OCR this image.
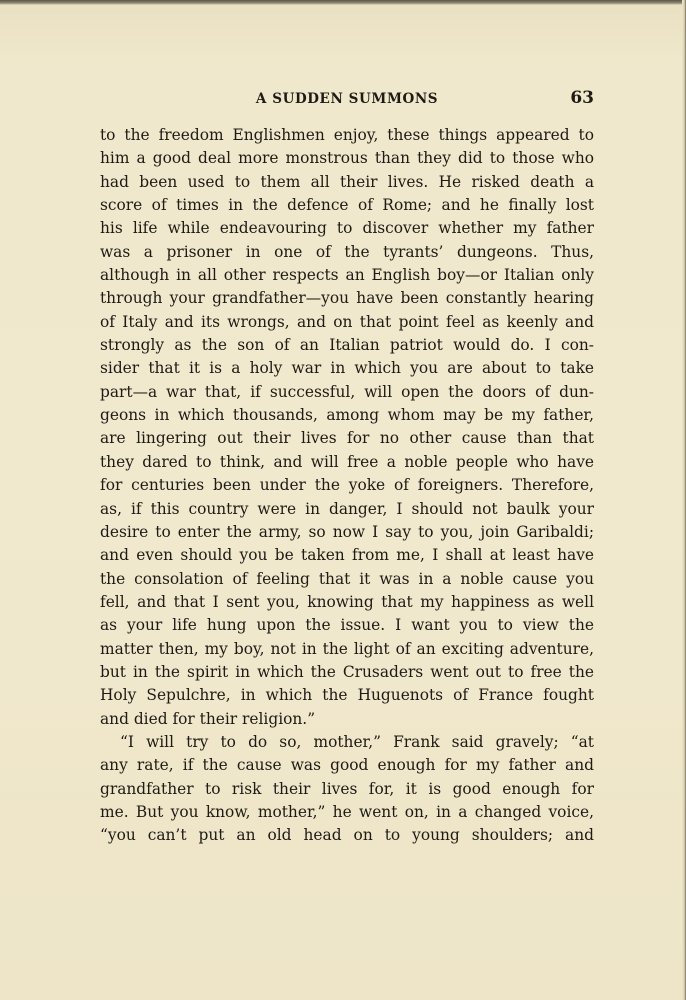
A SUDDEN SUMMONS	63
to the freedom Englishmen enjoy, these things appeared to
him a good deal more monstrous than they did to those who
had been used to them all their lives. He risked death a
score of times in the defence of Rome; and he finally lost
his life while endeavouring to discover whether my father
was a prisoner in one of the tyrants’ dungeons. Thus,
although in all other respects an English boy—or Italian only
through your grandfather—you have been constantly hearing
of Italy and its wrongs, and on that point feel as keenly and
strongly as the son of an Italian patriot would do. I con-
sider that it is a holy war in which you are about to take
part—a war that, if successful, will open the doors of dun-
geons in which thousands, among whom may be my father,
are lingering out their lives for no other cause than that
they dared to think, and will free a noble people who have
for centuries been under the yoke of foreigners. Therefore,
as, if this country were in danger, I should not baulk your
desire to enter the army, so now I say to you, join Garibaldi;
and even should you be taken from me, I shall at least have
the consolation of feeling that it was in a noble cause you
fell, and that I sent you, knowing that my happiness as well
as your life hung upon the issue. I want you to view the
matter then, my boy, not in the light of an exciting adventure,
but in the spirit in which the Crusaders went out to free the
Holy Sepulchre, in which the Huguenots of France fought
and died for their religion.”
“I will try to do so, mother,” Frank said gravely; “at
any rate, if the cause was good enough for my father and
grandfather to risk their lives for, it is good enough for
me. But you know, mother,” he went on, in a changed voice,
“you can’t put an old head on to young shoulders; and
